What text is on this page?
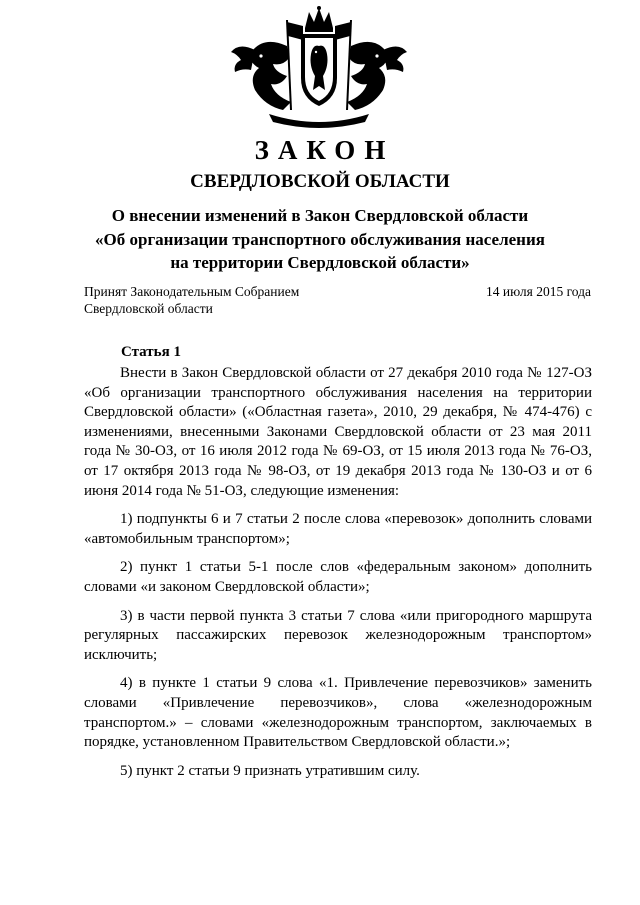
ЗАКОН
СВЕРДЛОВСКОЙ ОБЛАСТИ
О внесении изменений в Закон Свердловской области
«Об организации транспортного обслуживания населения
на территории Свердловской области»
Принят Законодательным Собранием
Свердловской области
14 июля 2015 года
Статья 1

Внести в Закон Свердловской области от 27 декабря 2010 года № 127-ОЗ «Об организации транспортного обслуживания населения на территории Свердловской области» («Областная газета», 2010, 29 декабря, № 474-476) с изменениями, внесенными Законами Свердловской области от 23 мая 2011 года № 30-ОЗ, от 16 июля 2012 года № 69-ОЗ, от 15 июля 2013 года № 76-ОЗ, от 17 октября 2013 года № 98-ОЗ, от 19 декабря 2013 года № 130-ОЗ и от 6 июня 2014 года № 51-ОЗ, следующие изменения:

1) подпункты 6 и 7 статьи 2 после слова «перевозок» дополнить словами «автомобильным транспортом»;

2) пункт 1 статьи 5-1 после слов «федеральным законом» дополнить словами «и законом Свердловской области»;

3) в части первой пункта 3 статьи 7 слова «или пригородного маршрута регулярных пассажирских перевозок железнодорожным транспортом» исключить;

4) в пункте 1 статьи 9 слова «1. Привлечение перевозчиков» заменить словами «Привлечение перевозчиков», слова «железнодорожным транспортом.» – словами «железнодорожным транспортом, заключаемых в порядке, установленном Правительством Свердловской области.»;

5) пункт 2 статьи 9 признать утратившим силу.
